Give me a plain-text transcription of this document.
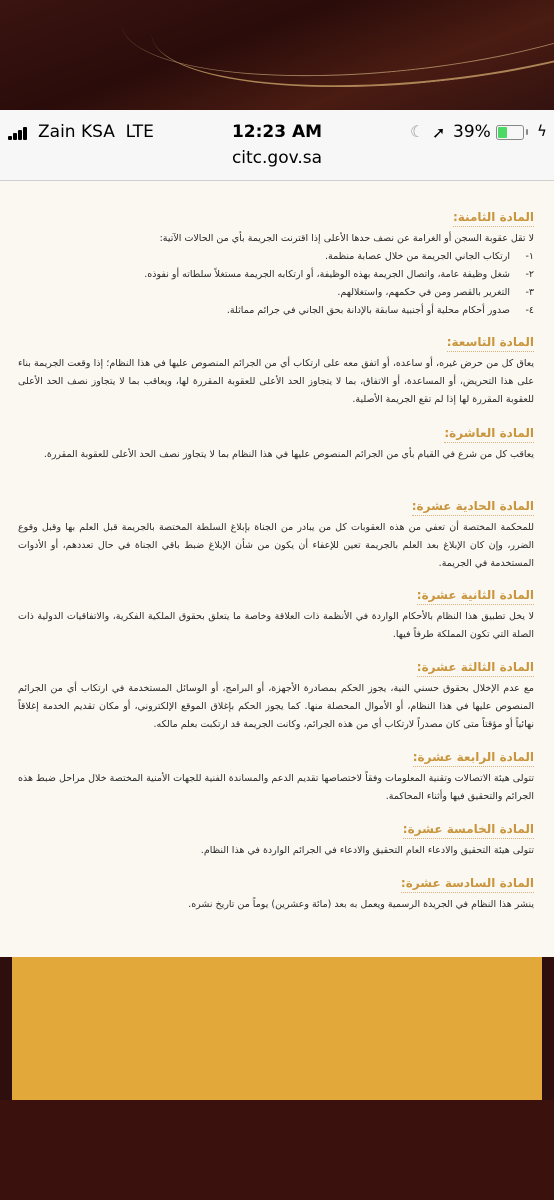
Zain KSA LTE	12:23 AM	☾ ➚ 39%	ϟ
citc.gov.sa
المادة الثامنة:
لا تقل عقوبة السجن أو الغرامة عن نصف حدها الأعلى إذا اقترنت الجريمة بأي من الحالات الآتية:
١-
ارتكاب الجاني الجريمة من خلال عصابة منظمة.
٢-
شغل وظيفة عامة، واتصال الجريمة بهذه الوظيفة، أو ارتكابه الجريمة مستغلاً سلطاته أو نفوذه.
٣-
التغرير بالقصر ومن في حكمهم، واستغلالهم.
٤-
صدور أحكام محلية أو أجنبية سابقة بالإدانة بحق الجاني في جرائم مماثلة.
المادة التاسعة:
يعاق كل من حرض غيره، أو ساعده، أو اتفق معه على ارتكاب أي من الجرائم المنصوص عليها في هذا النظام؛ إذا وقعت الجريمة بناء على هذا التحريض، أو المساعدة، أو الاتفاق، بما لا يتجاوز الحد الأعلى للعقوبة المقررة لها، ويعاقب بما لا يتجاوز نصف الحد الأعلى للعقوبة المقررة لها إذا لم تقع الجريمة الأصلية.
المادة العاشرة:
يعاقب كل من شرع في القيام بأي من الجرائم المنصوص عليها في هذا النظام بما لا يتجاوز نصف الحد الأعلى للعقوبة المقررة.
المادة الحادية عشرة:
للمحكمة المختصة أن تعفي من هذه العقوبات كل من يبادر من الجناة بإبلاغ السلطة المختصة بالجريمة قبل العلم بها وقبل وقوع الضرر، وإن كان الإبلاغ بعد العلم بالجريمة تعين للإعفاء أن يكون من شأن الإبلاغ ضبط باقي الجناة في حال تعددهم، أو الأدوات المستخدمة في الجريمة.
المادة الثانية عشرة:
لا يخل تطبيق هذا النظام بالأحكام الواردة في الأنظمة ذات العلاقة وخاصة ما يتعلق بحقوق الملكية الفكرية، والاتفاقيات الدولية ذات الصلة التي تكون المملكة طرفاً فيها.
المادة الثالثة عشرة:
مع عدم الإخلال بحقوق حسني النية، يجوز الحكم بمصادرة الأجهزة، أو البرامج، أو الوسائل المستخدمة في ارتكاب أي من الجرائم المنصوص عليها في هذا النظام، أو الأموال المحصلة منها. كما يجوز الحكم بإغلاق الموقع الإلكتروني، أو مكان تقديم الخدمة إغلاقاً نهائياً أو مؤقتاً متى كان مصدراً لارتكاب أي من هذه الجرائم، وكانت الجريمة قد ارتكبت بعلم مالكه.
المادة الرابعة عشرة:
تتولى هيئة الاتصالات وتقنية المعلومات وفقاً لاختصاصها تقديم الدعم والمساندة الفنية للجهات الأمنية المختصة خلال مراحل ضبط هذه الجرائم والتحقيق فيها وأثناء المحاكمة.
المادة الخامسة عشرة:
تتولى هيئة التحقيق والادعاء العام التحقيق والادعاء في الجرائم الواردة في هذا النظام.
المادة السادسة عشرة:
ينشر هذا النظام في الجريدة الرسمية ويعمل به بعد (مائة وعشرين) يوماً من تاريخ نشره.
